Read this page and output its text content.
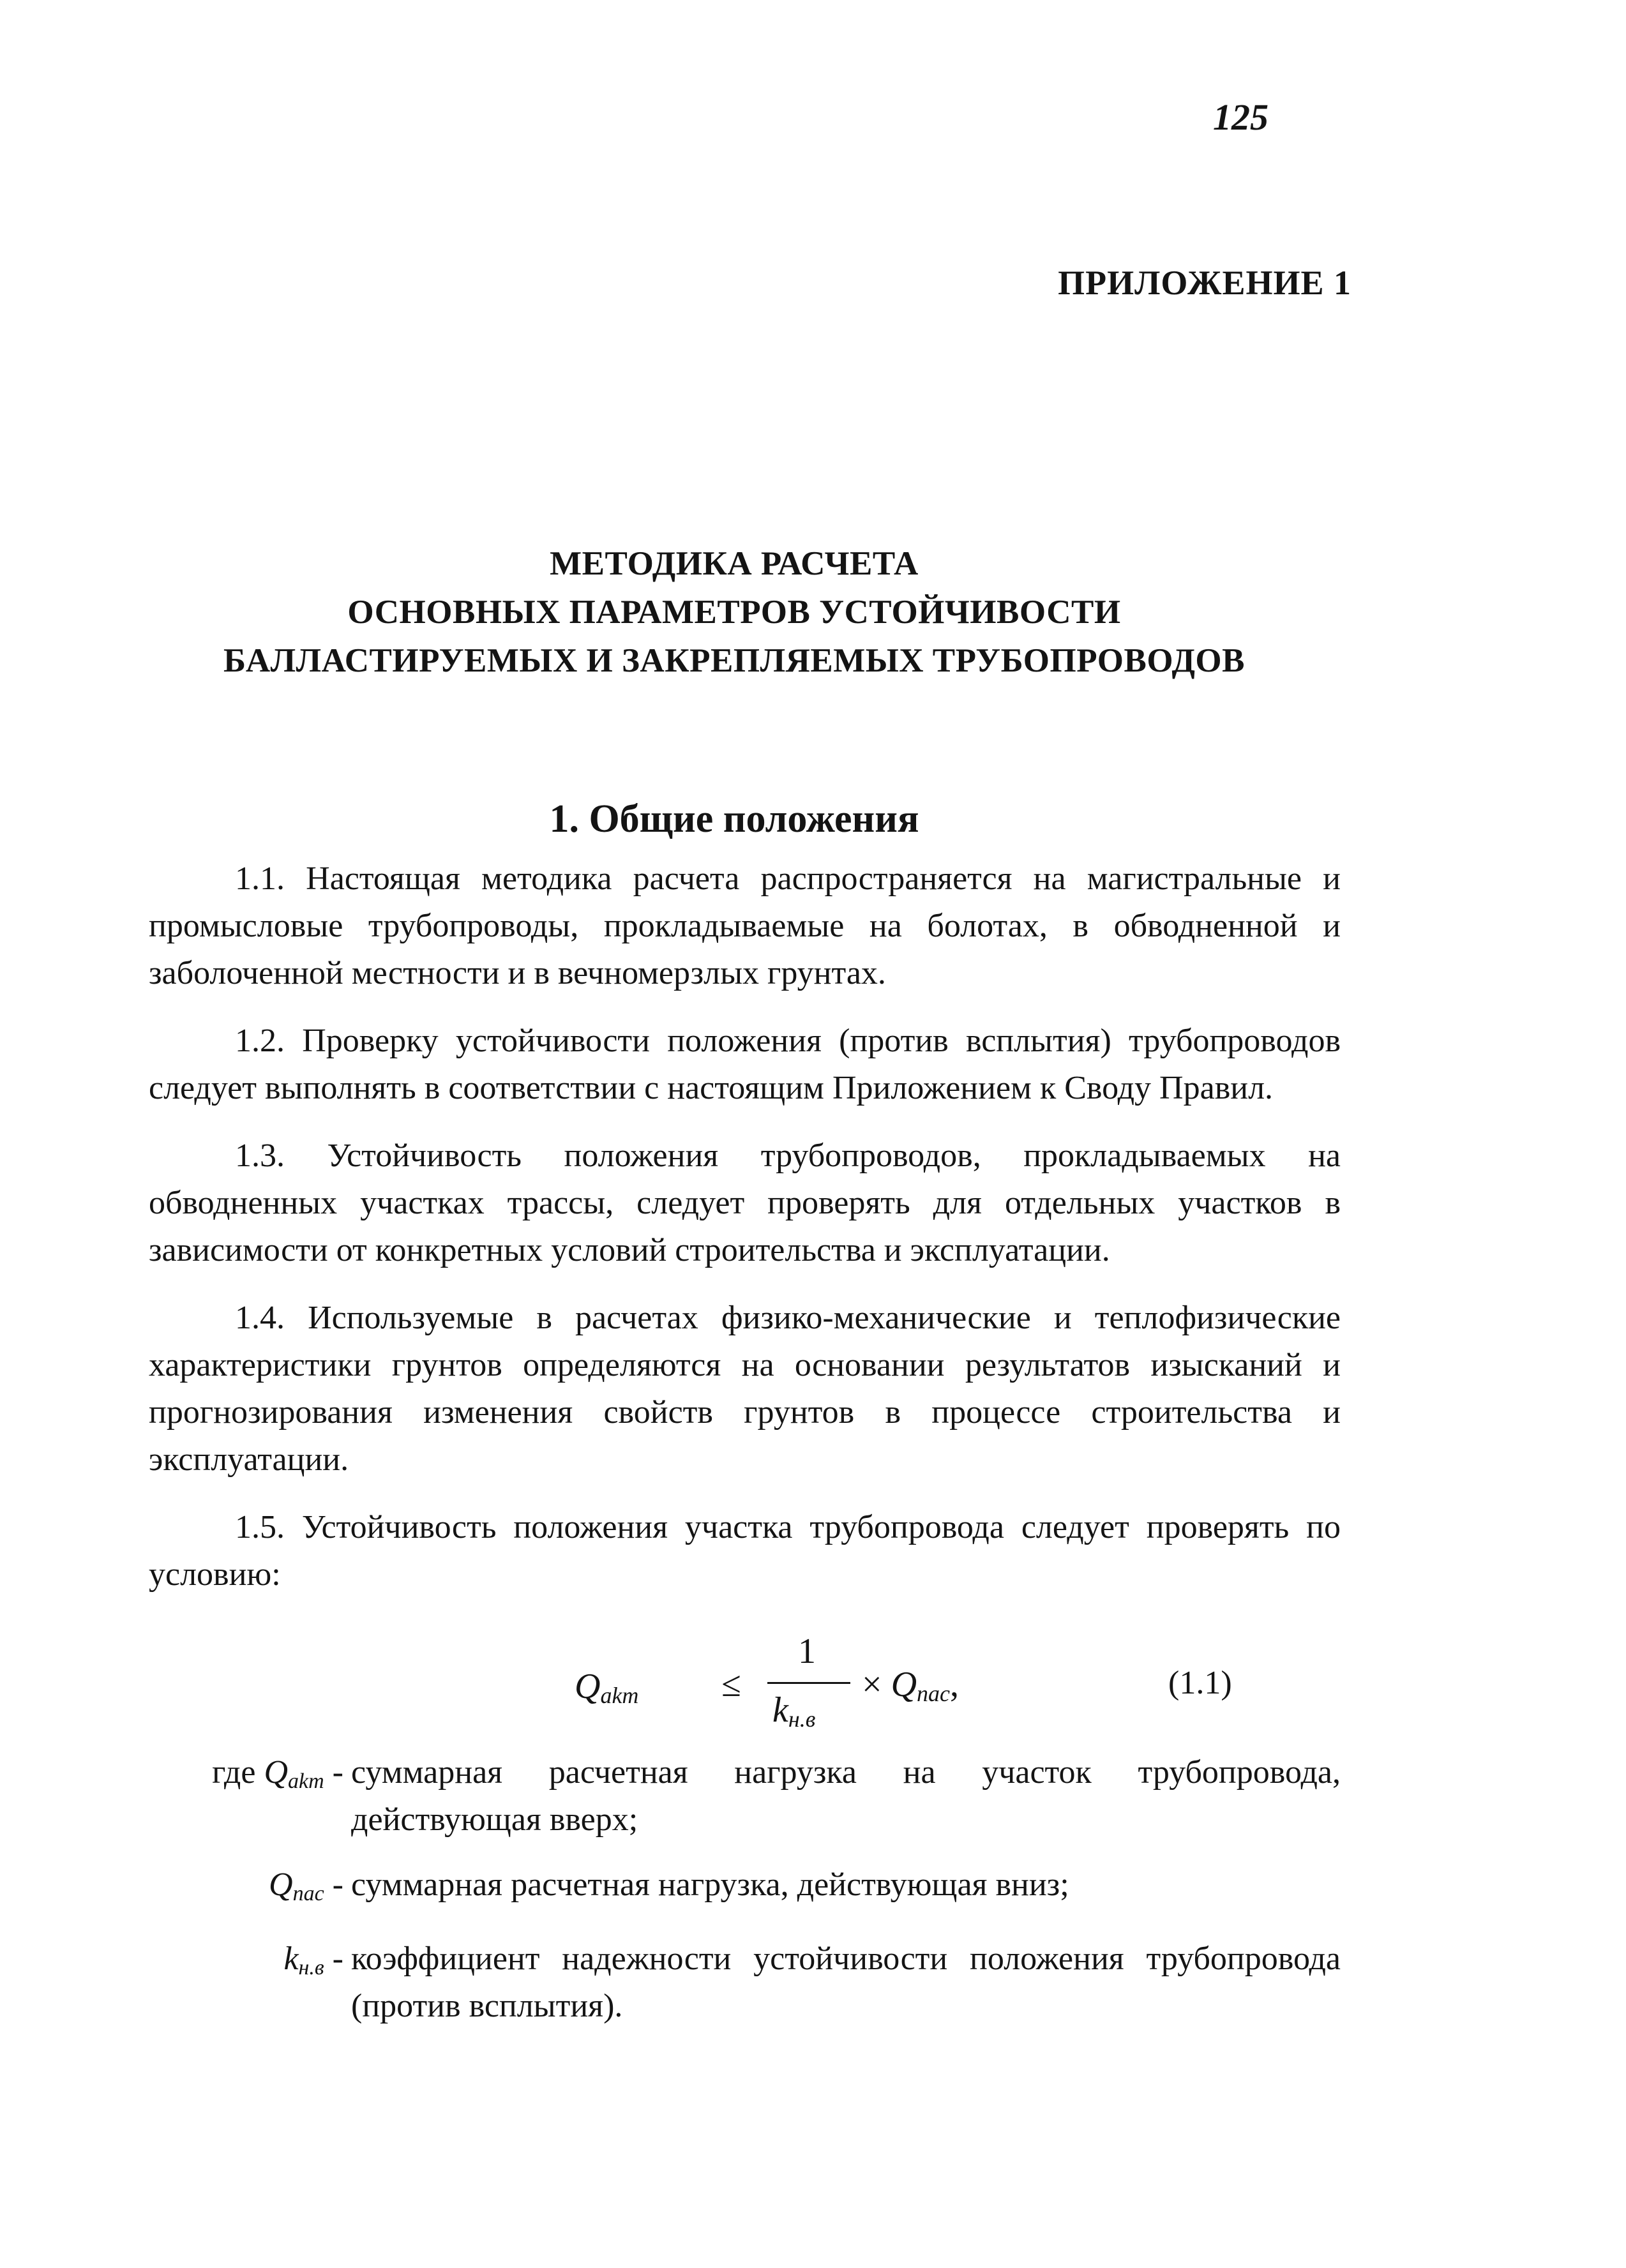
125
ПРИЛОЖЕНИЕ 1
МЕТОДИКА РАСЧЕТА
ОСНОВНЫХ ПАРАМЕТРОВ УСТОЙЧИВОСТИ
БАЛЛАСТИРУЕМЫХ И ЗАКРЕПЛЯЕМЫХ ТРУБОПРОВОДОВ
1. Общие положения

1.1. Настоящая методика расчета распространяется на магистральные и промысловые трубопроводы, прокладываемые на болотах, в обводненной и заболоченной местности и в вечномерзлых грунтах.

1.2. Проверку устойчивости положения (против всплытия) трубопроводов следует выполнять в соответствии с настоящим Приложением к Своду Правил.

1.3. Устойчивость положения трубопроводов, прокладываемых на обводненных участках трассы, следует проверять для отдельных участков в зависимости от конкретных условий строительства и эксплуатации.

1.4. Используемые в расчетах физико-механические и теплофизические характеристики грунтов определяются на основании результатов изысканий и прогнозирования изменения свойств грунтов в процессе строительства и эксплуатации.

1.5. Устойчивость положения участка трубопровода следует проверять по условию:

$Q_{akm}$ ≤
1
$k_{н.в}$
× $Q_{пас}$,	(1.1)
где $Q_{akm}$ - суммарная расчетная нагрузка на участок трубопровода, действующая вверх;
$Q_{пас}$ - суммарная расчетная нагрузка, действующая вниз;
$k_{н.в}$ - коэффициент надежности устойчивости положения трубопровода (против всплытия).
